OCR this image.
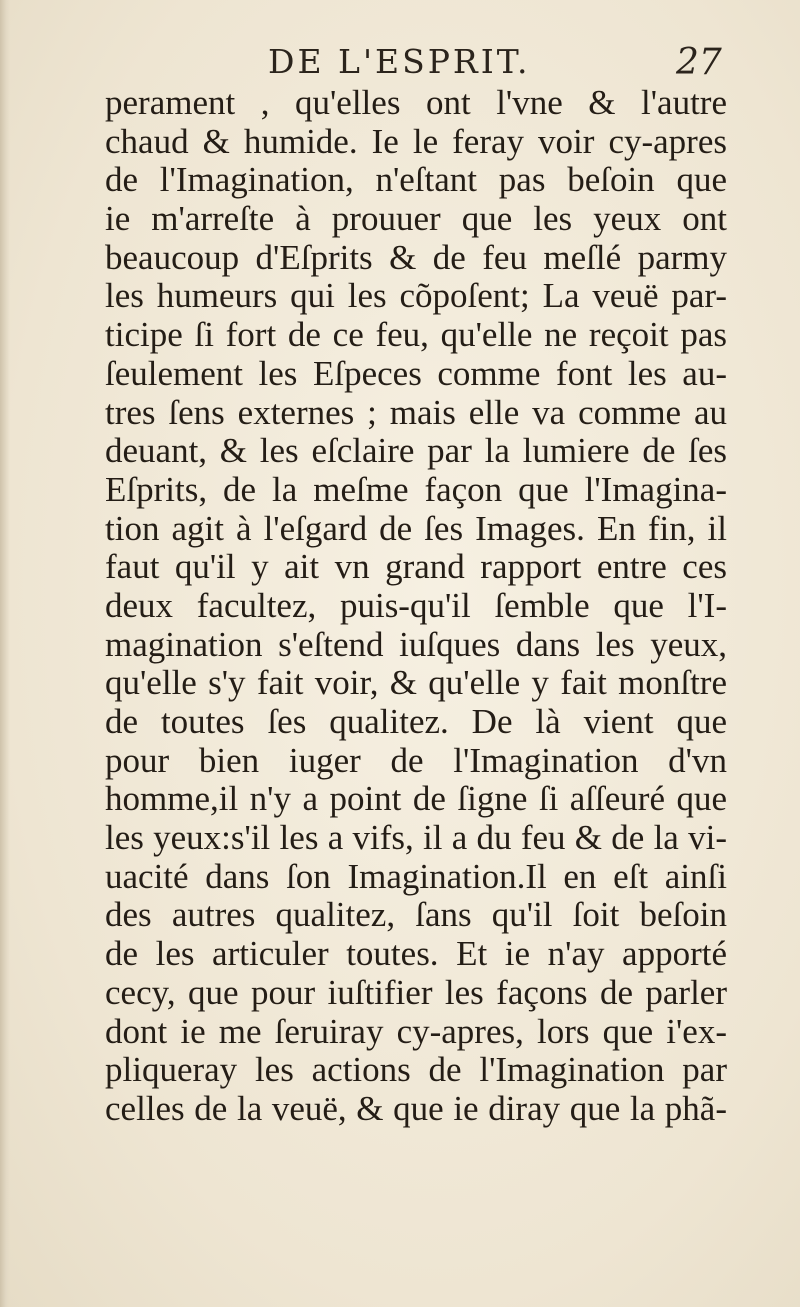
DE L'ESPRIT.	27
perament , qu'elles ont l'vne & l'autre
chaud & humide. Ie le feray voir cy-apres
de l'Imagination, n'eſtant pas beſoin que
ie m'arreſte à prouuer que les yeux ont
beaucoup d'Eſprits & de feu meſlé parmy
les humeurs qui les cõpoſent; La veuë par-
ticipe ſi fort de ce feu, qu'elle ne reçoit pas
ſeulement les Eſpeces comme font les au-
tres ſens externes ; mais elle va comme au
deuant, & les eſclaire par la lumiere de ſes
Eſprits, de la meſme façon que l'Imagina-
tion agit à l'eſgard de ſes Images. En fin, il
faut qu'il y ait vn grand rapport entre ces
deux facultez, puis-qu'il ſemble que l'I-
magination s'eſtend iuſques dans les yeux,
qu'elle s'y fait voir, & qu'elle y fait monſtre
de toutes ſes qualitez. De là vient que
pour bien iuger de l'Imagination d'vn
homme,il n'y a point de ſigne ſi aſſeuré que
les yeux:s'il les a vifs, il a du feu & de la vi-
uacité dans ſon Imagination.Il en eſt ainſi
des autres qualitez, ſans qu'il ſoit beſoin
de les articuler toutes. Et ie n'ay apporté
cecy, que pour iuſtifier les façons de parler
dont ie me ſeruiray cy-apres, lors que i'ex-
pliqueray les actions de l'Imagination par
celles de la veuë, & que ie diray que la phã-
